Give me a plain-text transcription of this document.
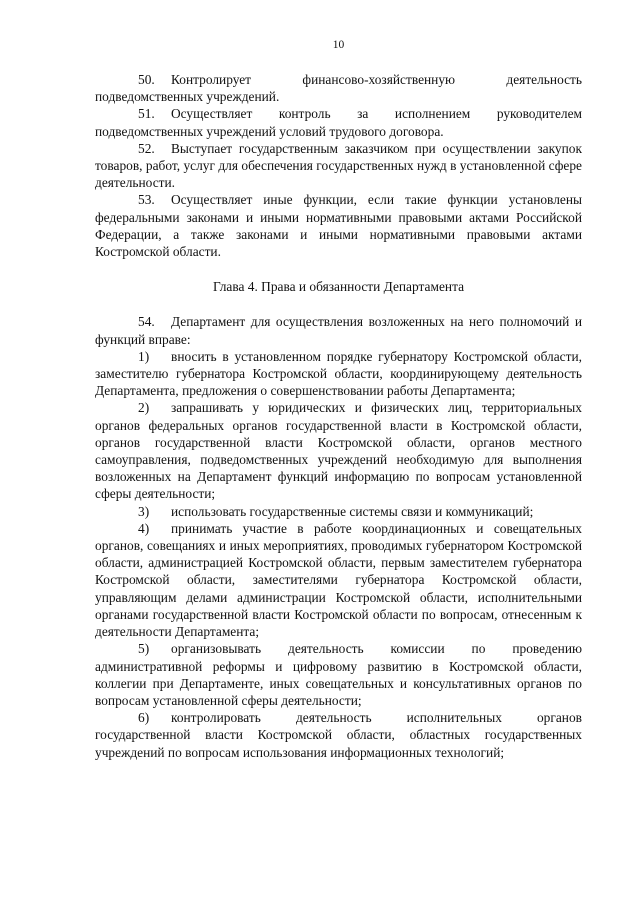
10

50. Контролирует финансово-хозяйственную деятельность подведомственных учреждений.

51. Осуществляет контроль за исполнением руководителем подведомственных учреждений условий трудового договора.

52. Выступает государственным заказчиком при осуществлении закупок товаров, работ, услуг для обеспечения государственных нужд в установленной сфере деятельности.

53. Осуществляет иные функции, если такие функции установлены федеральными законами и иными нормативными правовыми актами Российской Федерации, а также законами и иными нормативными правовыми актами Костромской области.

Глава 4. Права и обязанности Департамента

54. Департамент для осуществления возложенных на него полномочий и функций вправе:

1) вносить в установленном порядке губернатору Костромской области, заместителю губернатора Костромской области, координирующему деятельность Департамента, предложения о совершенствовании работы Департамента;

2) запрашивать у юридических и физических лиц, территориальных органов федеральных органов государственной власти в Костромской области, органов государственной власти Костромской области, органов местного самоуправления, подведомственных учреждений необходимую для выполнения возложенных на Департамент функций информацию по вопросам установленной сферы деятельности;

3) использовать государственные системы связи и коммуникаций;

4) принимать участие в работе координационных и совещательных органов, совещаниях и иных мероприятиях, проводимых губернатором Костромской области, администрацией Костромской области, первым заместителем губернатора Костромской области, заместителями губернатора Костромской области, управляющим делами администрации Костромской области, исполнительными органами государственной власти Костромской области по вопросам, отнесенным к деятельности Департамента;

5) организовывать деятельность комиссии по проведению административной реформы и цифровому развитию в Костромской области, коллегии при Департаменте, иных совещательных и консультативных органов по вопросам установленной сферы деятельности;

6) контролировать деятельность исполнительных органов государственной власти Костромской области, областных государственных учреждений по вопросам использования информационных технологий;
